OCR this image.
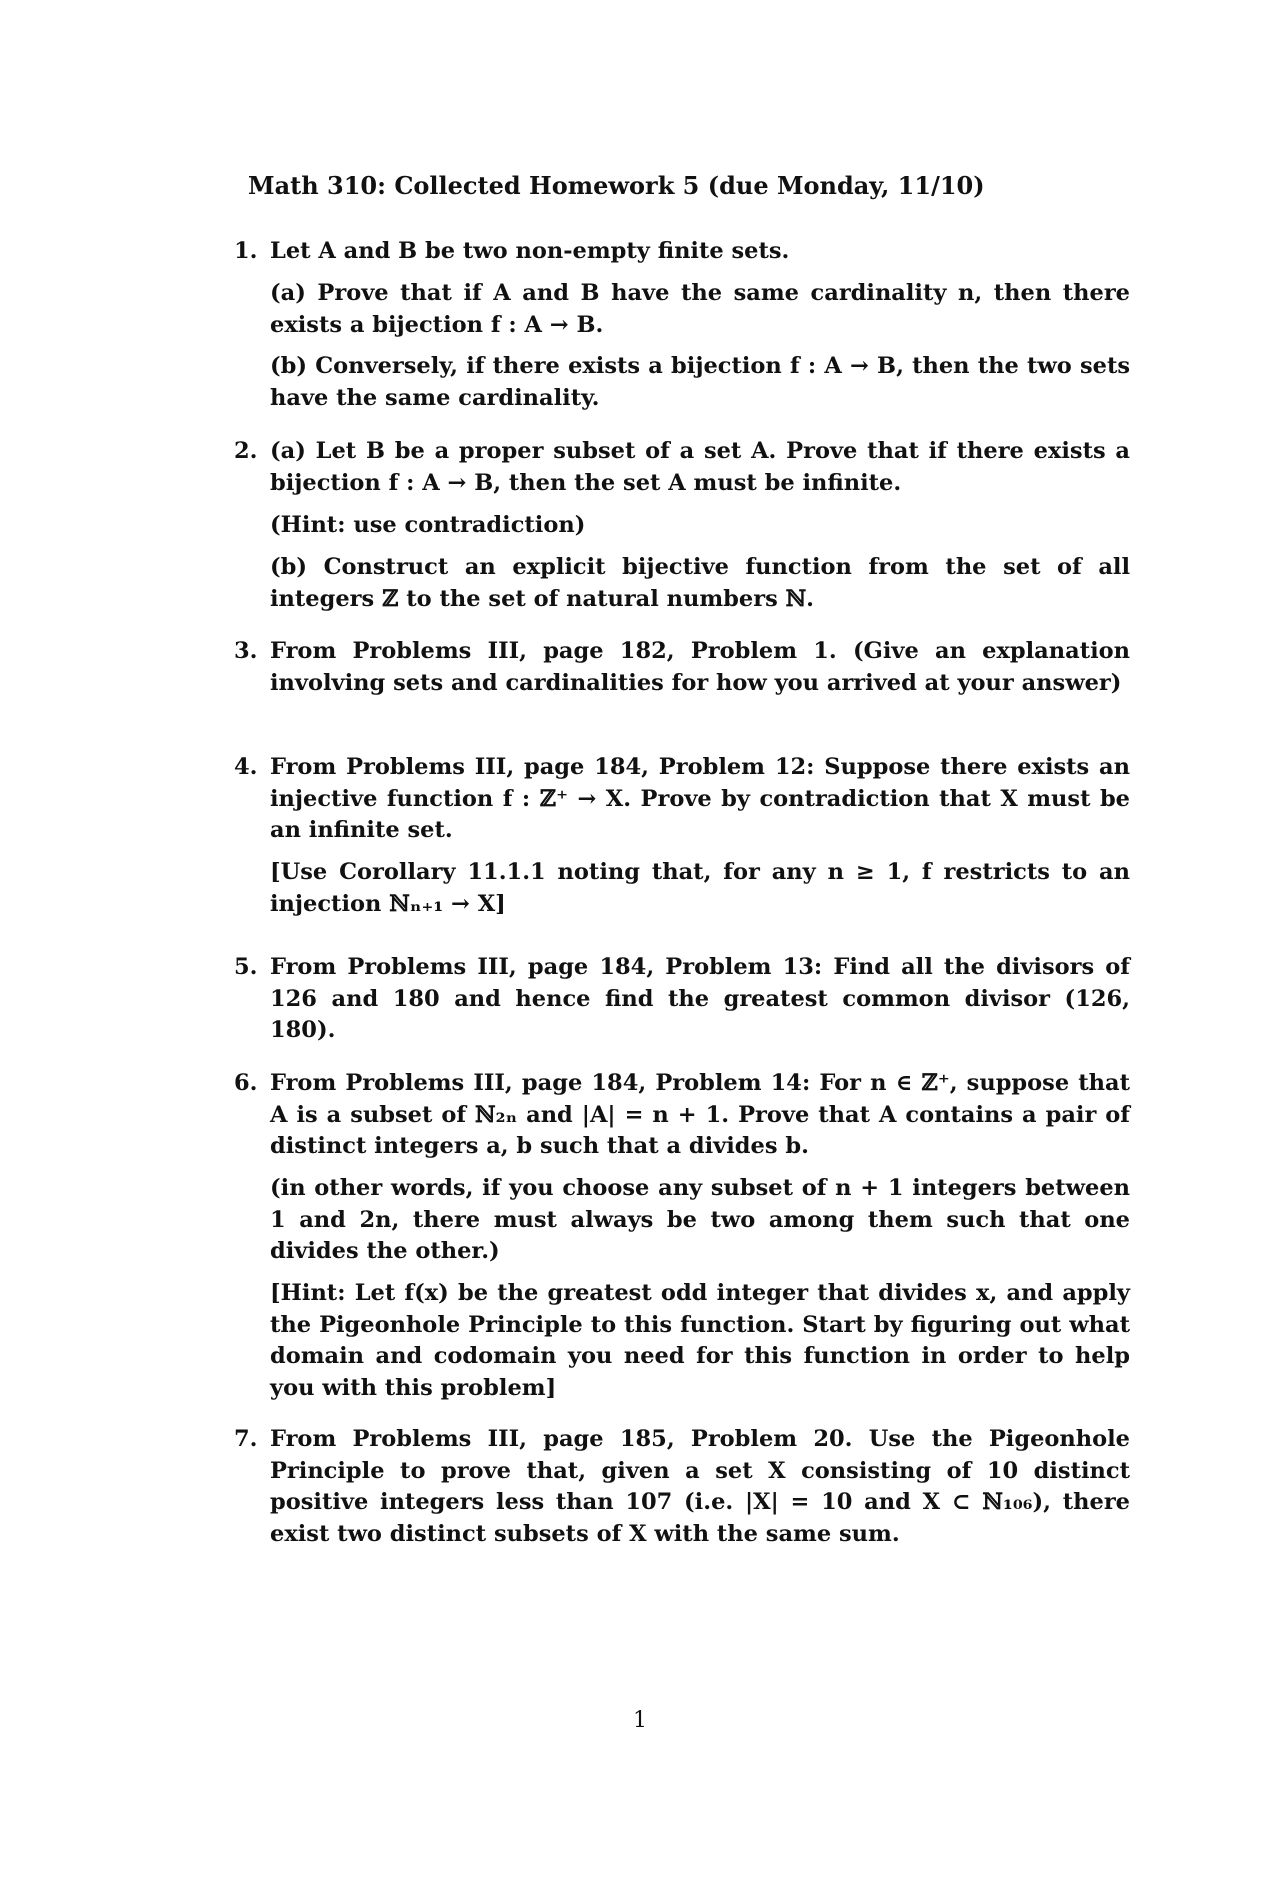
Math 310: Collected Homework 5 (due Monday, 11/10)
1. Let A and B be two non-empty finite sets.
(a) Prove that if A and B have the same cardinality n, then there exists a bijection f : A → B.
(b) Conversely, if there exists a bijection f : A → B, then the two sets have the same cardinality.
2. (a) Let B be a proper subset of a set A. Prove that if there exists a bijection f : A → B, then the set A must be infinite.
(Hint: use contradiction)
(b) Construct an explicit bijective function from the set of all integers ℤ to the set of natural numbers ℕ.
3. From Problems III, page 182, Problem 1. (Give an explanation involving sets and cardinalities for how you arrived at your answer)
4. From Problems III, page 184, Problem 12: Suppose there exists an injective function f : ℤ⁺ → X. Prove by contradiction that X must be an infinite set.
[Use Corollary 11.1.1 noting that, for any n ≥ 1, f restricts to an injection ℕₙ₊₁ → X]
5. From Problems III, page 184, Problem 13: Find all the divisors of 126 and 180 and hence find the greatest common divisor (126, 180).
6. From Problems III, page 184, Problem 14: For n ∈ ℤ⁺, suppose that A is a subset of ℕ₂ₙ and |A| = n + 1. Prove that A contains a pair of distinct integers a, b such that a divides b.
(in other words, if you choose any subset of n + 1 integers between 1 and 2n, there must always be two among them such that one divides the other.)
[Hint: Let f(x) be the greatest odd integer that divides x, and apply the Pigeonhole Principle to this function. Start by figuring out what domain and codomain you need for this function in order to help you with this problem]
7. From Problems III, page 185, Problem 20. Use the Pigeonhole Principle to prove that, given a set X consisting of 10 distinct positive integers less than 107 (i.e. |X| = 10 and X ⊂ ℕ₁₀₆), there exist two distinct subsets of X with the same sum.
1
